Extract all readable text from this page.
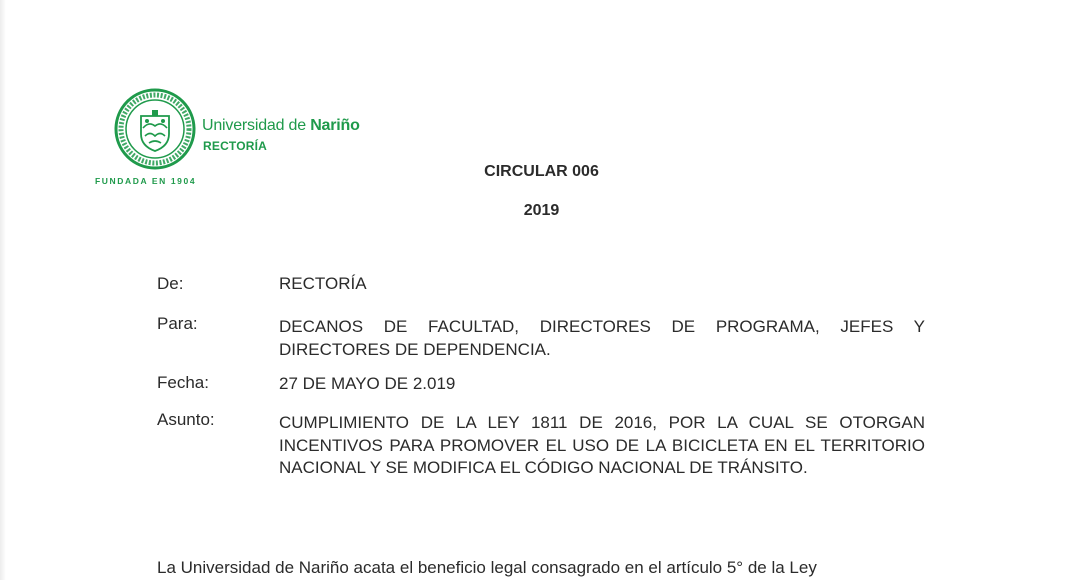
Universidad de Nariño
RECTORÍA
FUNDADA EN 1904
CIRCULAR 006
2019
De:	RECTORÍA
Para:	DECANOS DE FACULTAD, DIRECTORES DE PROGRAMA, JEFES Y DIRECTORES DE DEPENDENCIA.
Fecha:	27 DE MAYO DE 2.019
Asunto:	CUMPLIMIENTO DE LA LEY 1811 DE 2016, POR LA CUAL SE OTORGAN INCENTIVOS PARA PROMOVER EL USO DE LA BICICLETA EN EL TERRITORIO NACIONAL Y SE MODIFICA EL CÓDIGO NACIONAL DE TRÁNSITO.
La Universidad de Nariño acata el beneficio legal consagrado en el artículo 5° de la Ley
